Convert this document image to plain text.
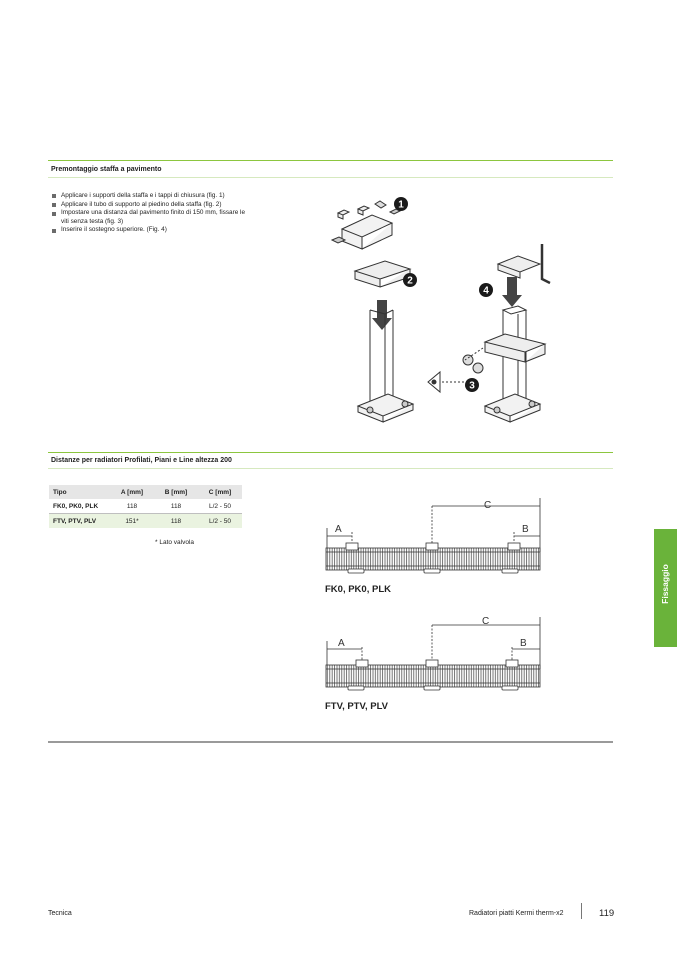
Premontaggio staffa a pavimento
Applicare i supporti della staffa e i tappi di chiusura (fig. 1)
Applicare il tubo di supporto al piedino della staffa (fig. 2)
Impostare una distanza dal pavimento finito di 150 mm, fissare le viti senza testa (fig. 3)
Inserire il sostegno superiore. (Fig. 4)
1
2
3
4
Distanze per radiatori Profilati, Piani e Line altezza 200
Tipo	A [mm]	B [mm]	C [mm]
FK0, PK0, PLK	118	118	L/2 - 50
FTV, PTV, PLV	151*	118	L/2 - 50
* Lato valvola
C
A	B
FK0, PK0, PLK
C
A	B
FTV, PTV, PLV
Fissaggio
Tecnica	Radiatori piatti Kermi therm-x2	119
